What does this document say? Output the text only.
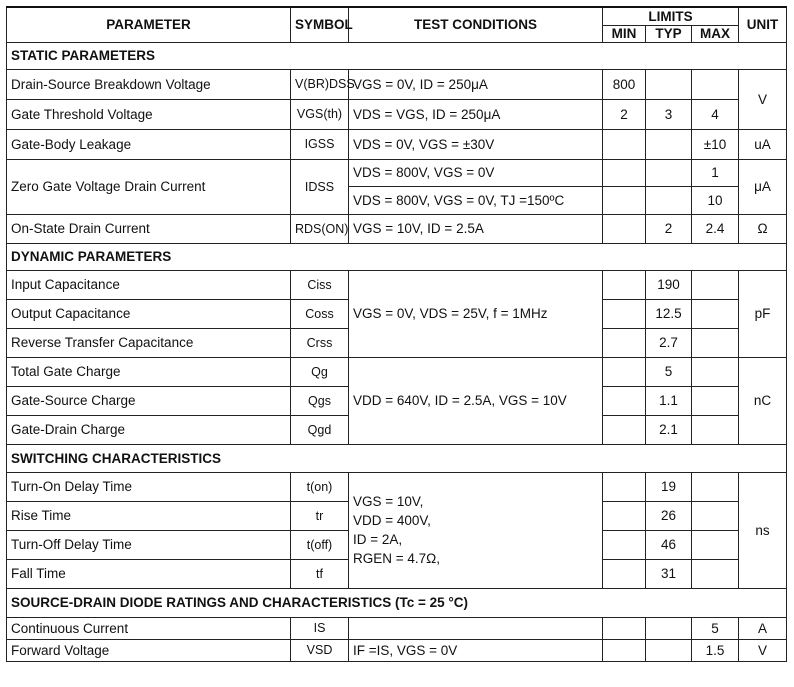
PARAMETER	SYMBOL	TEST CONDITIONS	LIMITS			UNIT
			MIN	TYP	MAX	
STATIC PARAMETERS						
Drain-Source Breakdown Voltage	V(BR)DSS	VGS = 0V, ID = 250μA	800			V
Gate Threshold Voltage	VGS(th)	VDS = VGS, ID = 250μA	2	3	4	
Gate-Body Leakage	IGSS	VDS = 0V, VGS = ±30V			±10	uA
Zero Gate Voltage Drain Current	IDSS	VDS = 800V, VGS = 0V			1	μA
		VDS = 800V, VGS = 0V, TJ =150ºC			10	
On-State Drain Current	RDS(ON)	VGS = 10V, ID = 2.5A		2	2.4	Ω
DYNAMIC PARAMETERS						
Input Capacitance	Ciss	VGS = 0V, VDS = 25V, f = 1MHz		190		pF
Output Capacitance	Coss			12.5		
Reverse Transfer Capacitance	Crss			2.7		
Total Gate Charge	Qg	VDD = 640V, ID = 2.5A, VGS = 10V		5		nC
Gate-Source Charge	Qgs			1.1		
Gate-Drain Charge	Qgd			2.1		
SWITCHING CHARACTERISTICS						
Turn-On Delay Time	t(on)	VGS = 10V,
VDD = 400V,
ID = 2A,
RGEN = 4.7Ω,		19		ns
Rise Time	tr			26		
Turn-Off Delay Time	t(off)			46		
Fall Time	tf			31		
SOURCE-DRAIN DIODE RATINGS AND CHARACTERISTICS (Tc = 25 °C)						
Continuous Current	IS				5	A
Forward Voltage	VSD	IF =IS, VGS = 0V			1.5	V
